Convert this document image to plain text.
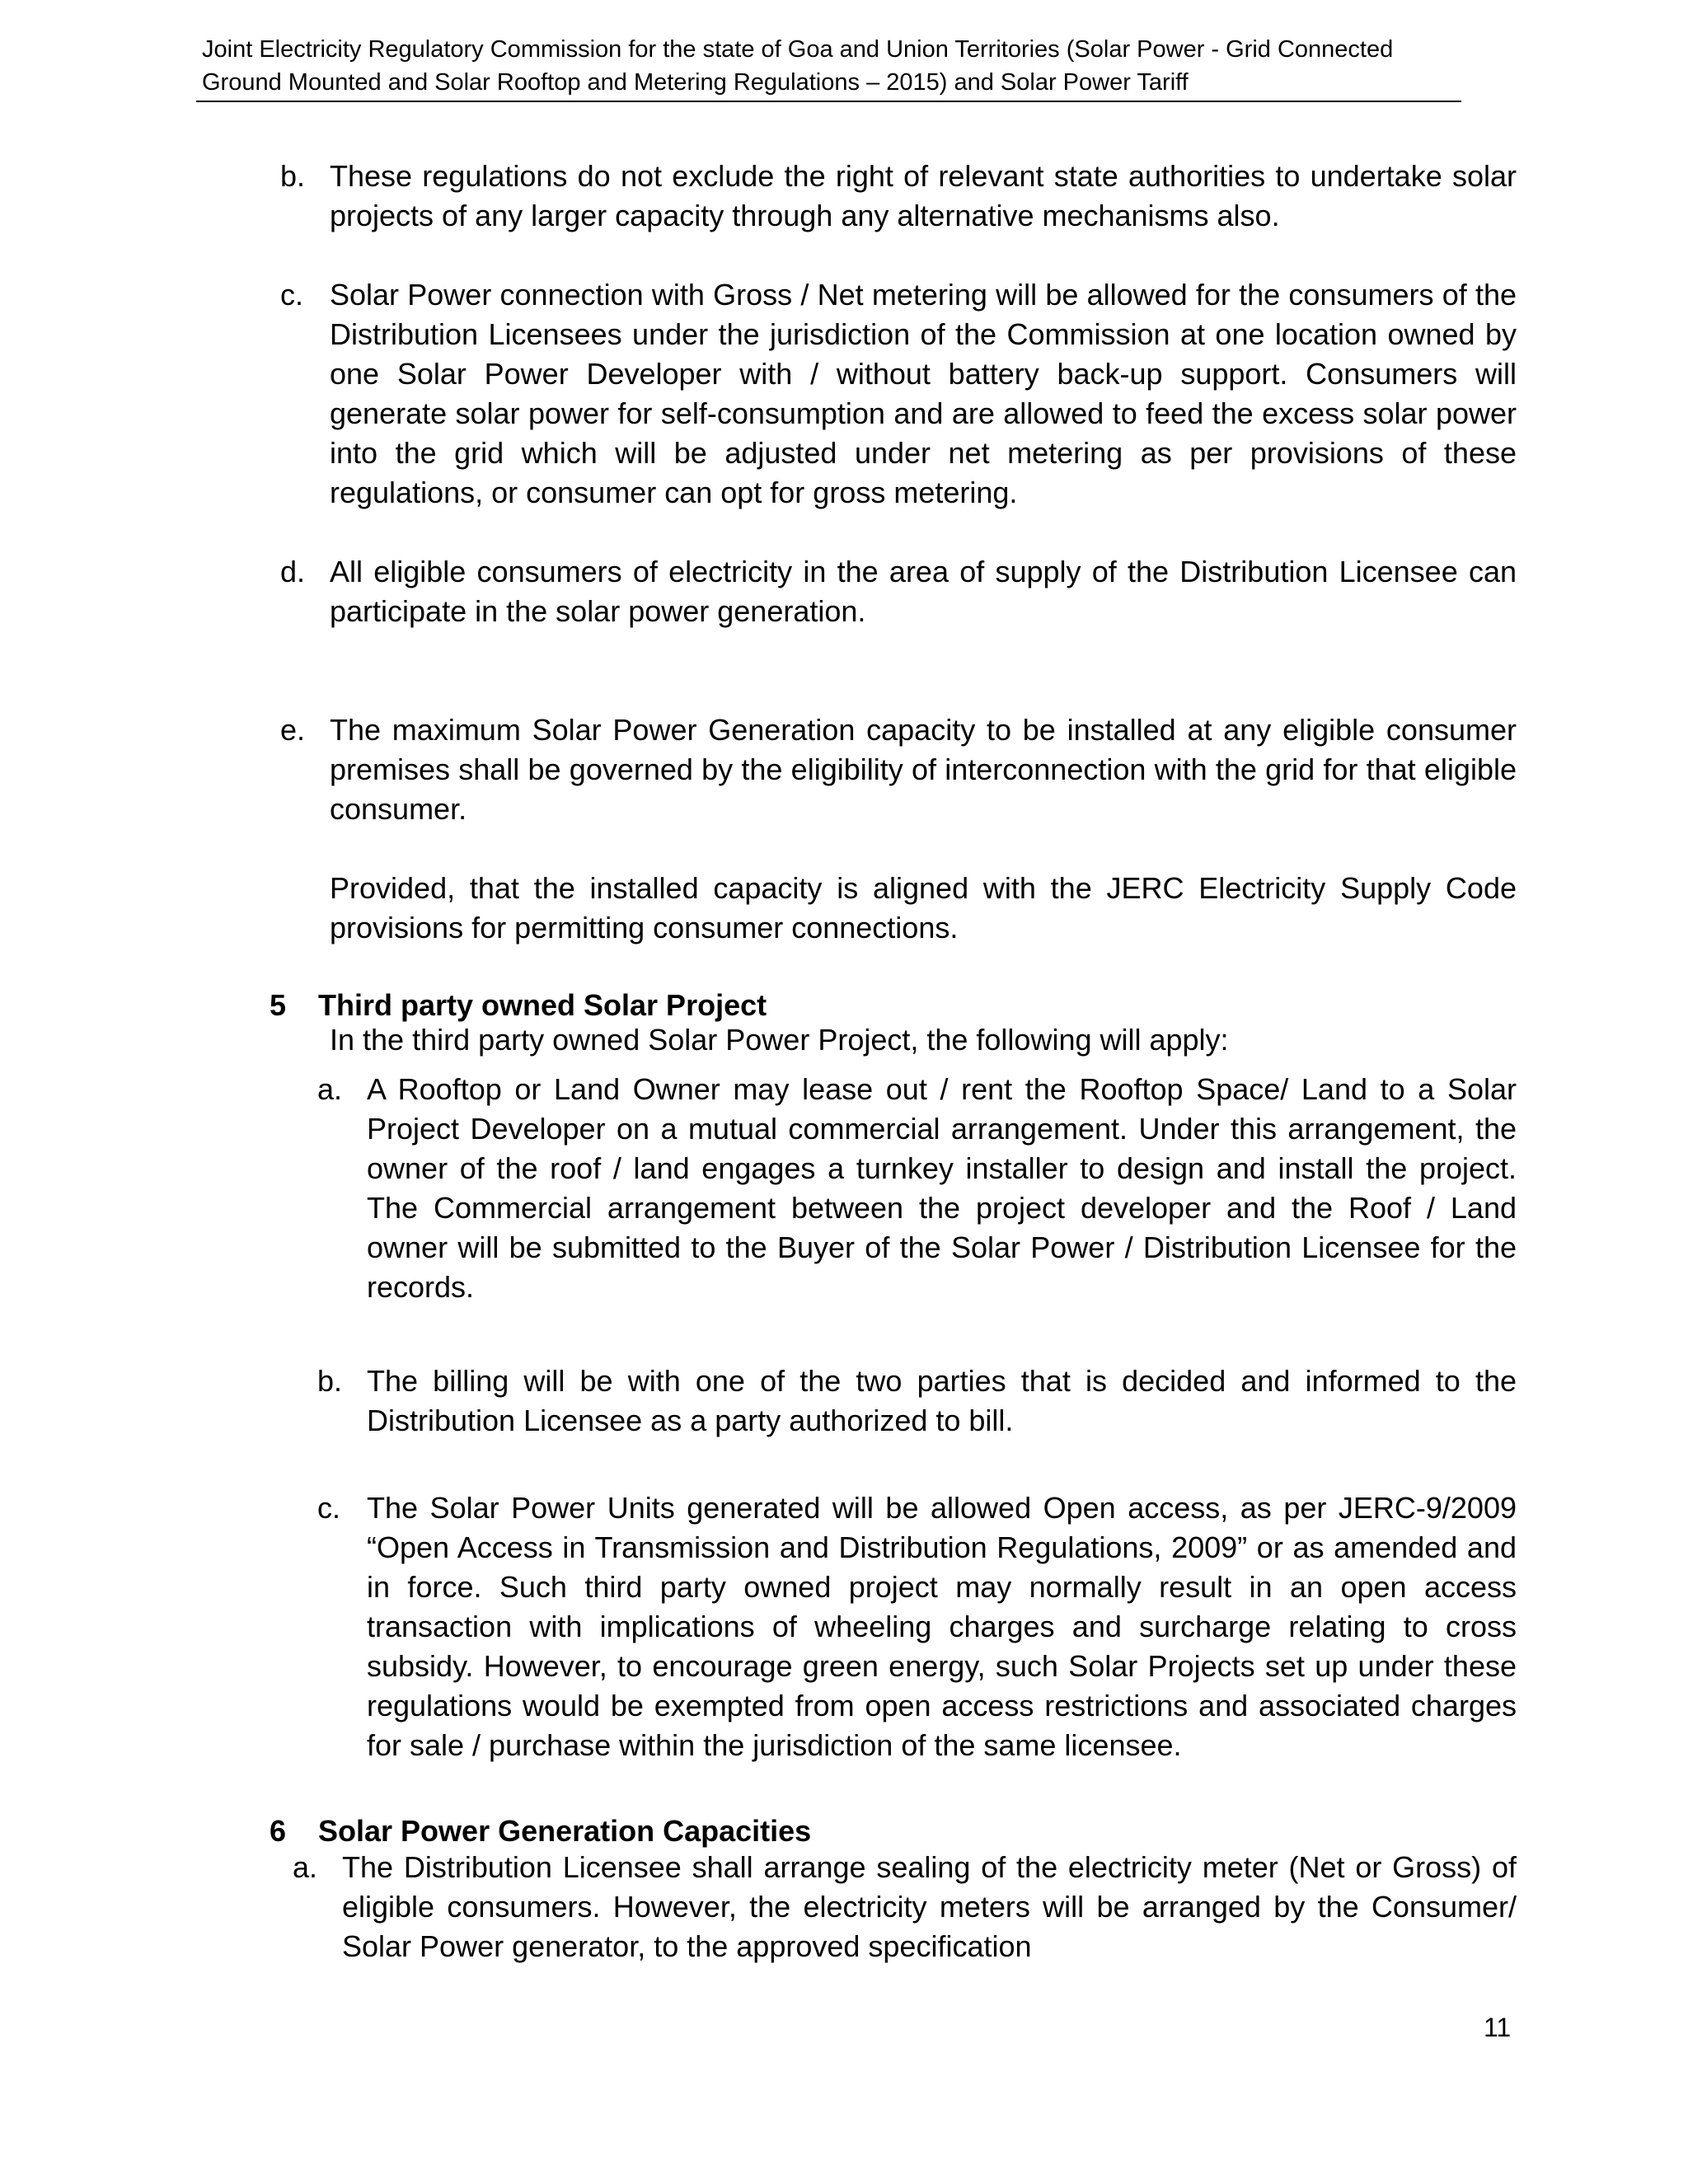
Joint Electricity Regulatory Commission for the state of Goa and Union Territories (Solar Power - Grid Connected Ground Mounted and Solar Rooftop and Metering Regulations – 2015) and Solar Power Tariff
b. These regulations do not exclude the right of relevant state authorities to undertake solar projects of any larger capacity through any alternative mechanisms also.
c. Solar Power connection with Gross / Net metering will be allowed for the consumers of the Distribution Licensees under the jurisdiction of the Commission at one location owned by one Solar Power Developer with / without battery back-up support. Consumers will generate solar power for self-consumption and are allowed to feed the excess solar power into the grid which will be adjusted under net metering as per provisions of these regulations, or consumer can opt for gross metering.
d. All eligible consumers of electricity in the area of supply of the Distribution Licensee can participate in the solar power generation.
e. The maximum Solar Power Generation capacity to be installed at any eligible consumer premises shall be governed by the eligibility of interconnection with the grid for that eligible consumer.
Provided, that the installed capacity is aligned with the JERC Electricity Supply Code provisions for permitting consumer connections.
5 Third party owned Solar Project
In the third party owned Solar Power Project, the following will apply:
a. A Rooftop or Land Owner may lease out / rent the Rooftop Space/ Land to a Solar Project Developer on a mutual commercial arrangement. Under this arrangement, the owner of the roof / land engages a turnkey installer to design and install the project. The Commercial arrangement between the project developer and the Roof / Land owner will be submitted to the Buyer of the Solar Power / Distribution Licensee for the records.
b. The billing will be with one of the two parties that is decided and informed to the Distribution Licensee as a party authorized to bill.
c. The Solar Power Units generated will be allowed Open access, as per JERC-9/2009 “Open Access in Transmission and Distribution Regulations, 2009” or as amended and in force. Such third party owned project may normally result in an open access transaction with implications of wheeling charges and surcharge relating to cross subsidy. However, to encourage green energy, such Solar Projects set up under these regulations would be exempted from open access restrictions and associated charges for sale / purchase within the jurisdiction of the same licensee.
6 Solar Power Generation Capacities
a. The Distribution Licensee shall arrange sealing of the electricity meter (Net or Gross) of eligible consumers. However, the electricity meters will be arranged by the Consumer/ Solar Power generator, to the approved specification
11
